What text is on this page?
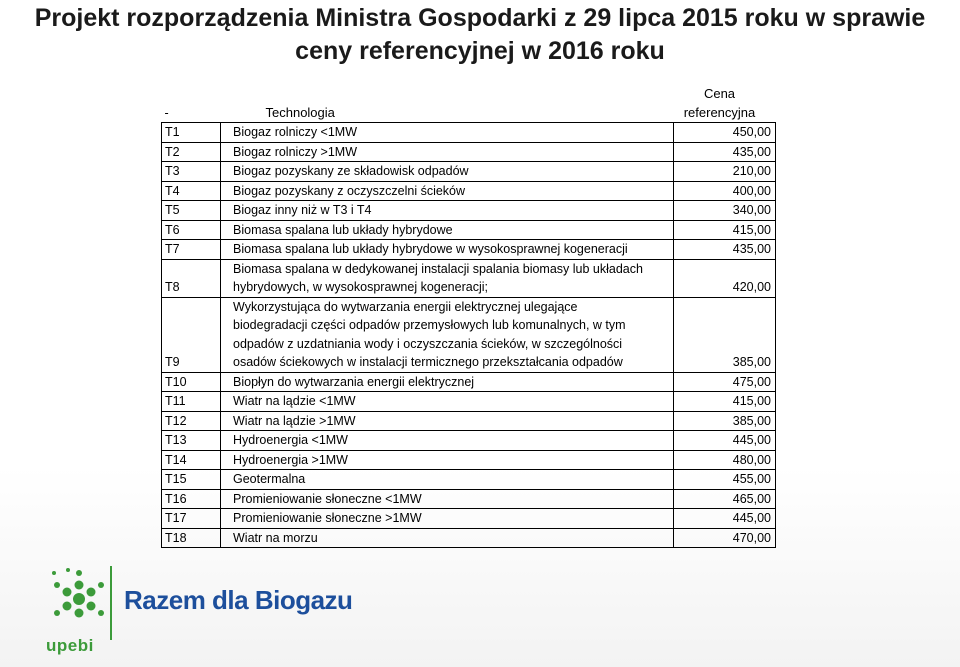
Projekt rozporządzenia Ministra Gospodarki z 29 lipca 2015 roku w sprawie ceny referencyjnej w 2016 roku
-	Technologia	Cena
referencyjna

T1	Biogaz rolniczy <1MW	450,00
T2	Biogaz rolniczy >1MW	435,00
T3	Biogaz pozyskany ze składowisk odpadów	210,00
T4	Biogaz pozyskany z oczyszczelni ścieków	400,00
T5	Biogaz inny niż w T3 i T4	340,00
T6	Biomasa spalana lub układy hybrydowe	415,00
T7	Biomasa spalana lub układy hybrydowe w wysokosprawnej kogeneracji	435,00
T8	Biomasa spalana w dedykowanej instalacji spalania biomasy lub układach
hybrydowych, w wysokosprawnej kogeneracji;	420,00
T9	Wykorzystująca do wytwarzania energii elektrycznej ulegające
biodegradacji części odpadów przemysłowych lub komunalnych, w tym
odpadów z uzdatniania wody i oczyszczania ścieków, w szczególności
osadów ściekowych w instalacji termicznego przekształcania odpadów	385,00
T10	Biopłyn do wytwarzania energii elektrycznej	475,00
T11	Wiatr na lądzie <1MW	415,00
T12	Wiatr na lądzie >1MW	385,00
T13	Hydroenergia <1MW	445,00
T14	Hydroenergia >1MW	480,00
T15	Geotermalna	455,00
T16	Promieniowanie słoneczne <1MW	465,00
T17	Promieniowanie słoneczne >1MW	445,00
T18	Wiatr na morzu	470,00
upebi
Razem dla Biogazu
